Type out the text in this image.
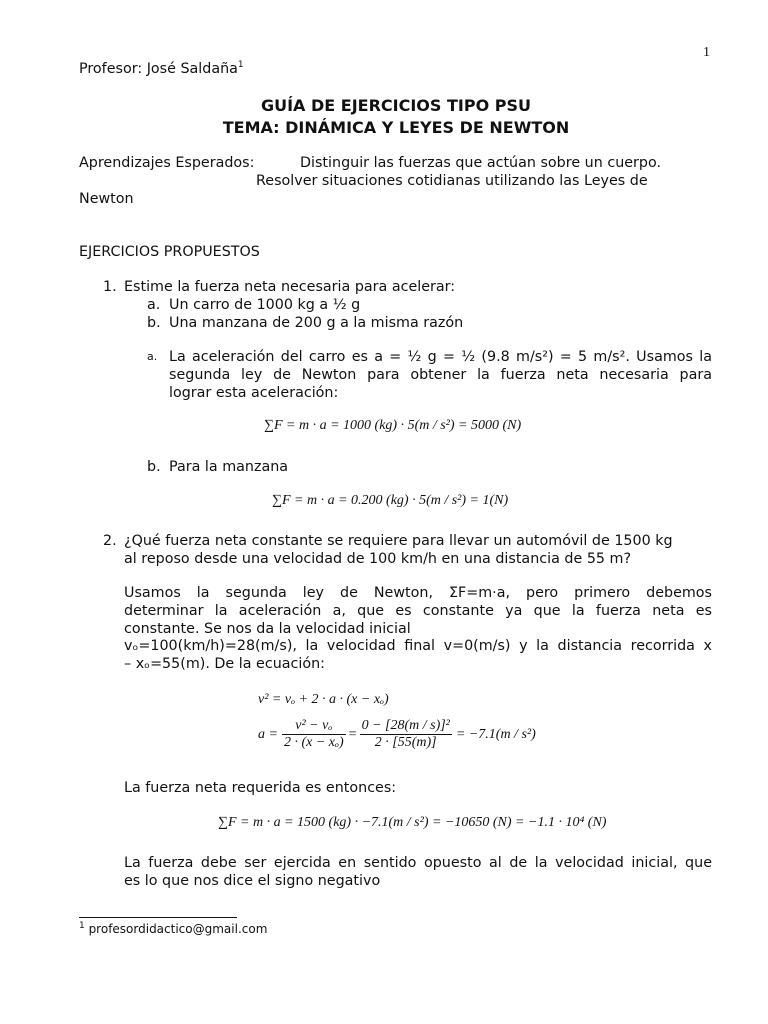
1
Profesor: José Saldaña$^1$
GUÍA DE EJERCICIOS TIPO PSU
TEMA: DINÁMICA Y LEYES DE NEWTON
Aprendizajes Esperados:	Distinguir las fuerzas que actúan sobre un cuerpo.
Resolver situaciones cotidianas utilizando las Leyes de
Newton
EJERCICIOS PROPUESTOS
1. Estime la fuerza neta necesaria para acelerar:
a. Un carro de 1000 kg a ½ g
b. Una manzana de 200 g a la misma razón
a. La aceleración del carro es a = ½ g = ½ (9.8 m/s²) = 5 m/s². Usamos la
segunda ley de Newton para obtener la fuerza neta necesaria para
lograr esta aceleración:
∑F = m · a = 1000 (kg) · 5(m / s²) = 5000 (N)
b. Para la manzana
∑F = m · a = 0.200 (kg) · 5(m / s²) = 1(N)
2. ¿Qué fuerza neta constante se requiere para llevar un automóvil de 1500 kg
al reposo desde una velocidad de 100 km/h en una distancia de 55 m?
Usamos la segunda ley de Newton, ΣF=m·a, pero primero debemos
determinar la aceleración a, que es constante ya que la fuerza neta es
constante. Se nos da la velocidad inicial
vₒ=100(km/h)=28(m/s), la velocidad final v=0(m/s) y la distancia recorrida x
– xₒ=55(m). De la ecuación:
v² = vₒ + 2 · a · (x − xₒ)
$a = \frac{\text{v² − vₒ}}{\text{2 · (x − xₒ)}} = \frac{\text{0 − [28(m / s)]²}}{2 \cdot [55(m)]} = -7.1(m / s^2)$
La fuerza neta requerida es entonces:
∑F = m · a = 1500 (kg) · −7.1(m / s²) = −10650 (N) = −1.1 · 10⁴ (N)
La fuerza debe ser ejercida en sentido opuesto al de la velocidad inicial, que
es lo que nos dice el signo negativo
$^1$ profesordidactico@gmail.com
